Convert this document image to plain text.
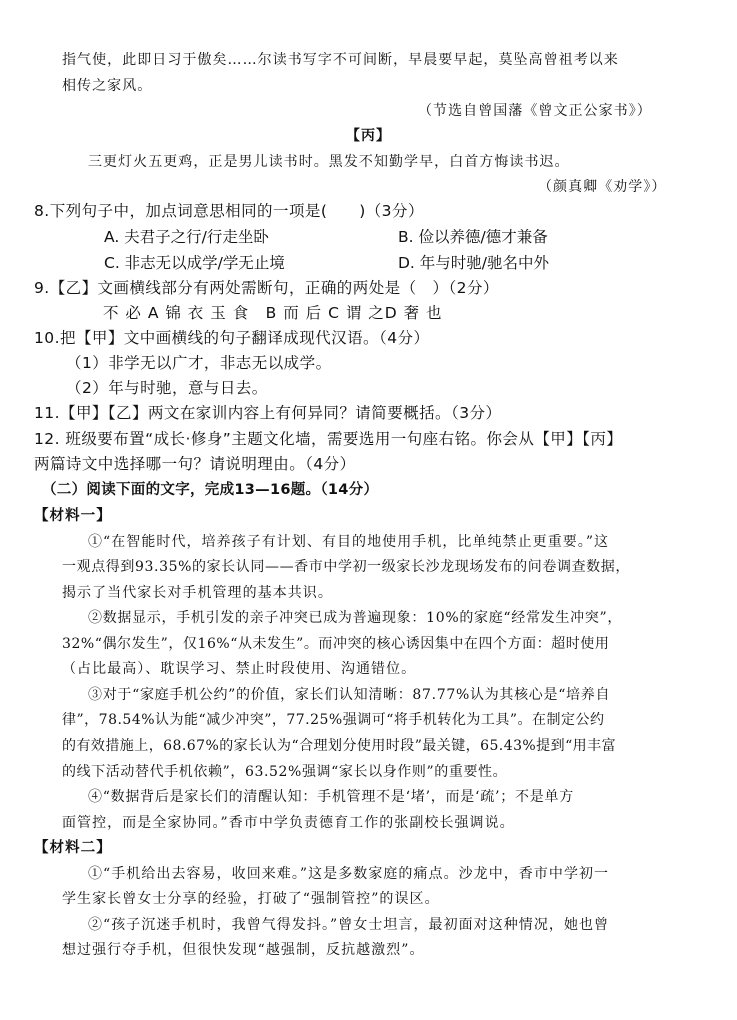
指气使，此即日习于傲矣……尔读书写字不可间断，早晨要早起，莫坠高曾祖考以来
相传之家风。
（节选自曾国藩《曾文正公家书》）
【丙】
三更灯火五更鸡，正是男儿读书时。黑发不知勤学早，白首方悔读书迟。
（颜真卿《劝学》）
8.下列句子中，加点词意思相同的一项是(　　)（3分）
A. 夫君子之行/行走坐卧	B. 俭以养德/德才兼备
C. 非志无以成学/学无止境	D. 年与时驰/驰名中外
9.【乙】文画横线部分有两处需断句，正确的两处是（　）（2分）
不 必 A 锦 衣 玉 食　B 而 后 C 谓 之D 奢 也
10.把【甲】文中画横线的句子翻译成现代汉语。（4分）
（1）非学无以广才，非志无以成学。
（2）年与时驰，意与日去。
11.【甲】【乙】两文在家训内容上有何异同？请简要概括。（3分）
12. 班级要布置“成长·修身”主题文化墙，需要选用一句座右铭。你会从【甲】【丙】
两篇诗文中选择哪一句？请说明理由。（4分）
（二）阅读下面的文字，完成13—16题。（14分）
【材料一】
①“在智能时代，培养孩子有计划、有目的地使用手机，比单纯禁止更重要。”这
一观点得到93.35%的家长认同——香市中学初一级家长沙龙现场发布的问卷调查数据，
揭示了当代家长对手机管理的基本共识。
②数据显示，手机引发的亲子冲突已成为普遍现象：10%的家庭“经常发生冲突”，
32%“偶尔发生”，仅16%“从未发生”。而冲突的核心诱因集中在四个方面：超时使用
（占比最高）、耽误学习、禁止时段使用、沟通错位。
③对于“家庭手机公约”的价值，家长们认知清晰：87.77%认为其核心是“培养自
律”，78.54%认为能“减少冲突”，77.25%强调可“将手机转化为工具”。在制定公约
的有效措施上，68.67%的家长认为“合理划分使用时段”最关键，65.43%提到“用丰富
的线下活动替代手机依赖”，63.52%强调“家长以身作则”的重要性。
④“数据背后是家长们的清醒认知：手机管理不是‘堵’，而是‘疏’；不是单方
面管控，而是全家协同。”香市中学负责德育工作的张副校长强调说。
【材料二】
①“手机给出去容易，收回来难。”这是多数家庭的痛点。沙龙中，香市中学初一
学生家长曾女士分享的经验，打破了“强制管控”的误区。
②“孩子沉迷手机时，我曾气得发抖。”曾女士坦言，最初面对这种情况，她也曾
想过强行夺手机，但很快发现“越强制，反抗越激烈”。
